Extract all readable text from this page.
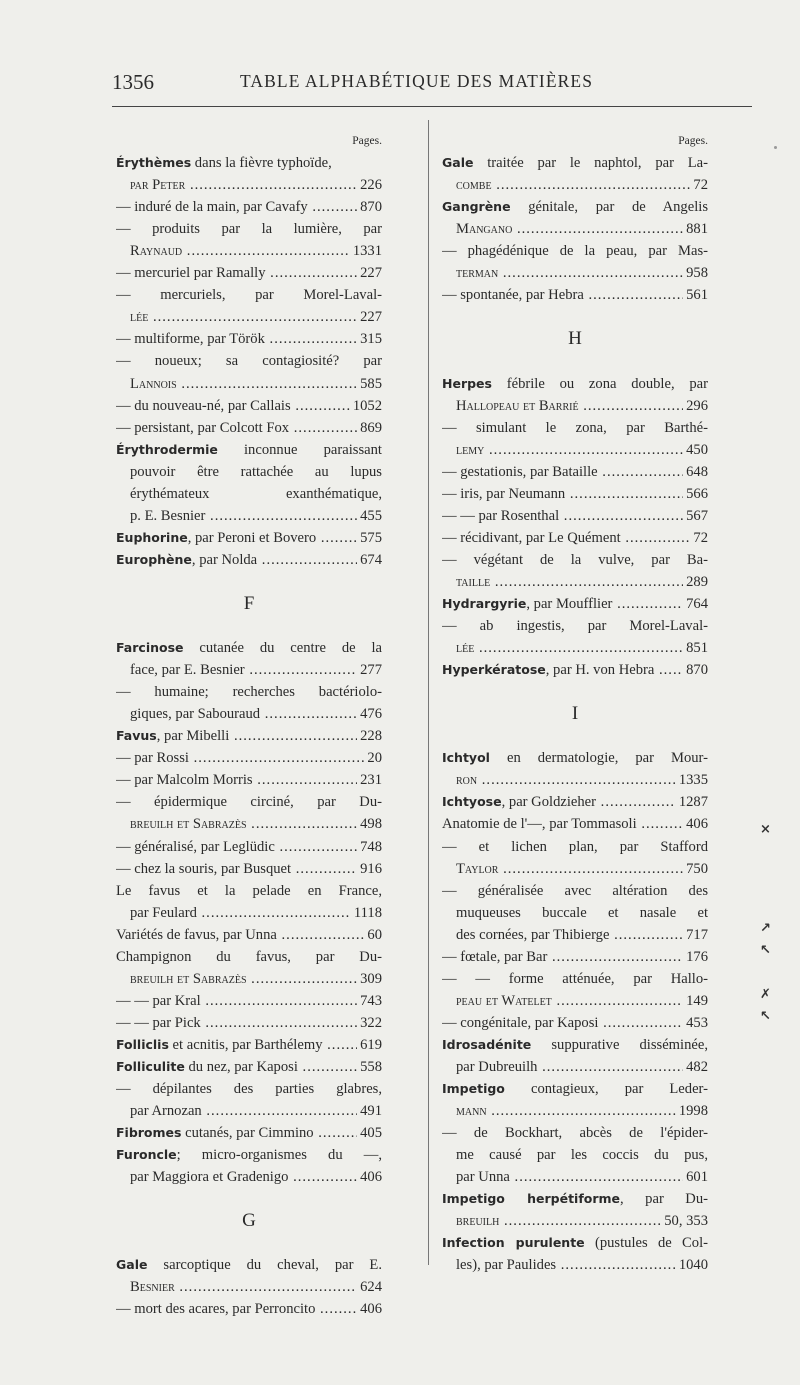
1356	TABLE ALPHABÉTIQUE DES MATIÈRES
Pages.
Érythèmes dans la fièvre typhoïde,
par Peter .....	226
— induré de la main, par Cavafy .....	870
— produits par la lumière, par
Raynaud .....	1331
— mercuriel par Ramally .....	227
— mercuriels, par Morel-Laval-
lée .....	227
— multiforme, par Török .....	315
— noueux; sa contagiosité? par
Lannois .....	585
— du nouveau-né, par Callais .....	1052
— persistant, par Colcott Fox .....	869
Érythrodermie inconnue paraissant
pouvoir être rattachée au lupus
érythémateux exanthématique,
p. E. Besnier .....	455
Euphorine, par Peroni et Bovero .....	575
Europhène, par Nolda .....	674
F
Farcinose cutanée du centre de la
face, par E. Besnier .....	277
— humaine; recherches bactériolo-
giques, par Sabouraud .....	476
Favus, par Mibelli .....	228
— par Rossi .....	20
— par Malcolm Morris .....	231
— épidermique circiné, par Du-
breuilh et Sabrazès .....	498
— généralisé, par Leglüdic .....	748
— chez la souris, par Busquet .....	916
Le favus et la pelade en France,
par Feulard .....	1118
Variétés de favus, par Unna .....	60
Champignon du favus, par Du-
breuilh et Sabrazès .....	309
— — par Kral .....	743
— — par Pick .....	322
Folliclis et acnitis, par Barthélemy .....	619
Folliculite du nez, par Kaposi .....	558
— dépilantes des parties glabres,
par Arnozan .....	491
Fibromes cutanés, par Cimmino .....	405
Furoncle; micro-organismes du —,
par Maggiora et Gradenigo .....	406
G
Gale sarcoptique du cheval, par E.
Besnier .....	624
— mort des acares, par Perroncito .....	406
Pages.
Gale traitée par le naphtol, par La-
combe .....	72
Gangrène génitale, par de Angelis
Mangano .....	881
— phagédénique de la peau, par Mas-
terman .....	958
— spontanée, par Hebra .....	561
H
Herpes fébrile ou zona double, par
Hallopeau et Barrié .....	296
— simulant le zona, par Barthé-
lemy .....	450
— gestationis, par Bataille .....	648
— iris, par Neumann .....	566
— — par Rosenthal .....	567
— récidivant, par Le Quément .....	72
— végétant de la vulve, par Ba-
taille .....	289
Hydrargyrie, par Moufflier .....	764
— ab ingestis, par Morel-Laval-
lée .....	851
Hyperkératose, par H. von Hebra .....	870
I
Ichtyol en dermatologie, par Mour-
ron .....	1335
Ichtyose, par Goldzieher .....	1287
Anatomie de l'—, par Tommasoli .....	406
— et lichen plan, par Stafford
Taylor .....	750
— généralisée avec altération des
muqueuses buccale et nasale et
des cornées, par Thibierge .....	717
— fœtale, par Bar .....	176
— — forme atténuée, par Hallo-
peau et Watelet .....	149
— congénitale, par Kaposi .....	453
Idrosadénite suppurative disséminée,
par Dubreuilh .....	482
Impetigo contagieux, par Leder-
mann .....	1998
— de Bockhart, abcès de l'épider-
me causé par les coccis du pus,
par Unna .....	601
Impetigo herpétiforme, par Du-
breuilh .....	50, 353
Infection purulente (pustules de Col-
les), par Paulides .....	1040
×
↗
↖
✗
↖
